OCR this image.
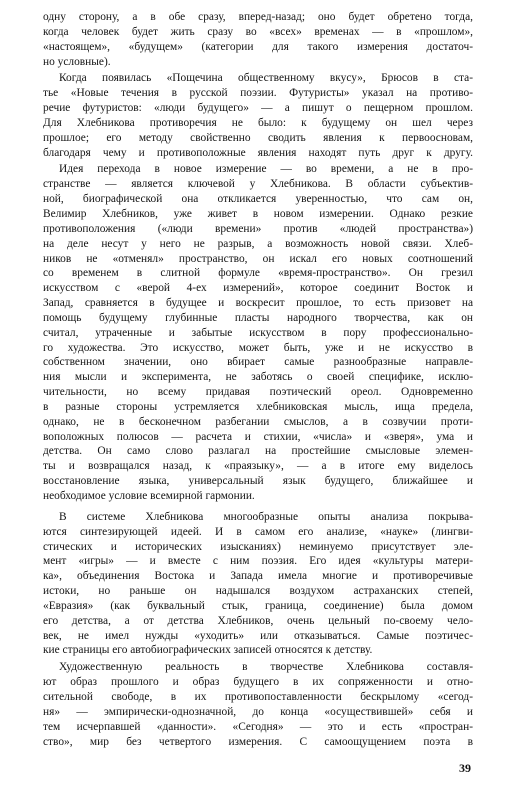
одну сторону, а в обе сразу, вперед-назад; оно будет обретено тогда,
когда человек будет жить сразу во «всех» временах — в «прошлом»,
«настоящем», «будущем» (категории для такого измерения достаточ-
но условные).
Когда появилась «Пощечина общественному вкусу», Брюсов в ста-
тье «Новые течения в русской поэзии. Футуристы» указал на противо-
речие футуристов: «люди будущего» — а пишут о пещерном прошлом.
Для Хлебникова противоречия не было: к будущему он шел через
прошлое; его методу свойственно сводить явления к первоосновам,
благодаря чему и противоположные явления находят путь друг к другу.
Идея перехода в новое измерение — во времени, а не в про-
странстве — является ключевой у Хлебникова. В области субъектив-
ной, биографической она откликается уверенностью, что сам он,
Велимир Хлебников, уже живет в новом измерении. Однако резкие
противоположения («люди времени» против «людей пространства»)
на деле несут у него не разрыв, а возможность новой связи. Хлеб-
ников не «отменял» пространство, он искал его новых соотношений
со временем в слитной формуле «время-пространство». Он грезил
искусством с «верой 4-ех измерений», которое соединит Восток и
Запад, сравняется в будущее и воскресит прошлое, то есть призовет на
помощь будущему глубинные пласты народного творчества, как он
считал, утраченные и забытые искусством в пору профессионально-
го художества. Это искусство, может быть, уже и не искусство в
собственном значении, оно вбирает самые разнообразные направле-
ния мысли и эксперимента, не заботясь о своей специфике, исклю-
чительности, но всему придавая поэтический ореол. Одновременно
в разные стороны устремляется хлебниковская мысль, ища предела,
однако, не в бесконечном разбегании смыслов, а в созвучии проти-
воположных полюсов — расчета и стихии, «числа» и «зверя», ума и
детства. Он само слово разлагал на простейшие смысловые элемен-
ты и возвращался назад, к «праязыку», — а в итоге ему виделось
восстановление языка, универсальный язык будущего, ближайшее и
необходимое условие всемирной гармонии.
В системе Хлебникова многообразные опыты анализа покрыва-
ются синтезирующей идеей. И в самом его анализе, «науке» (лингви-
стических и исторических изысканиях) неминуемо присутствует эле-
мент «игры» — и вместе с ним поэзия. Его идея «культуры матери-
ка», объединения Востока и Запада имела многие и противоречивые
истоки, но раньше он надышался воздухом астраханских степей,
«Евразия» (как буквальный стык, граница, соединение) была домом
его детства, а от детства Хлебников, очень цельный по-своему чело-
век, не имел нужды «уходить» или отказываться. Самые поэтичес-
кие страницы его автобиографических записей относятся к детству.
Художественную реальность в творчестве Хлебникова составля-
ют образ прошлого и образ будущего в их сопряженности и отно-
сительной свободе, в их противопоставленности бескрылому «сегод-
ня» — эмпирически-однозначной, до конца «осуществившей» себя и
тем исчерпавшей «данности». «Сегодня» — это и есть «простран-
ство», мир без четвертого измерения. С самоощущением поэта в
39
